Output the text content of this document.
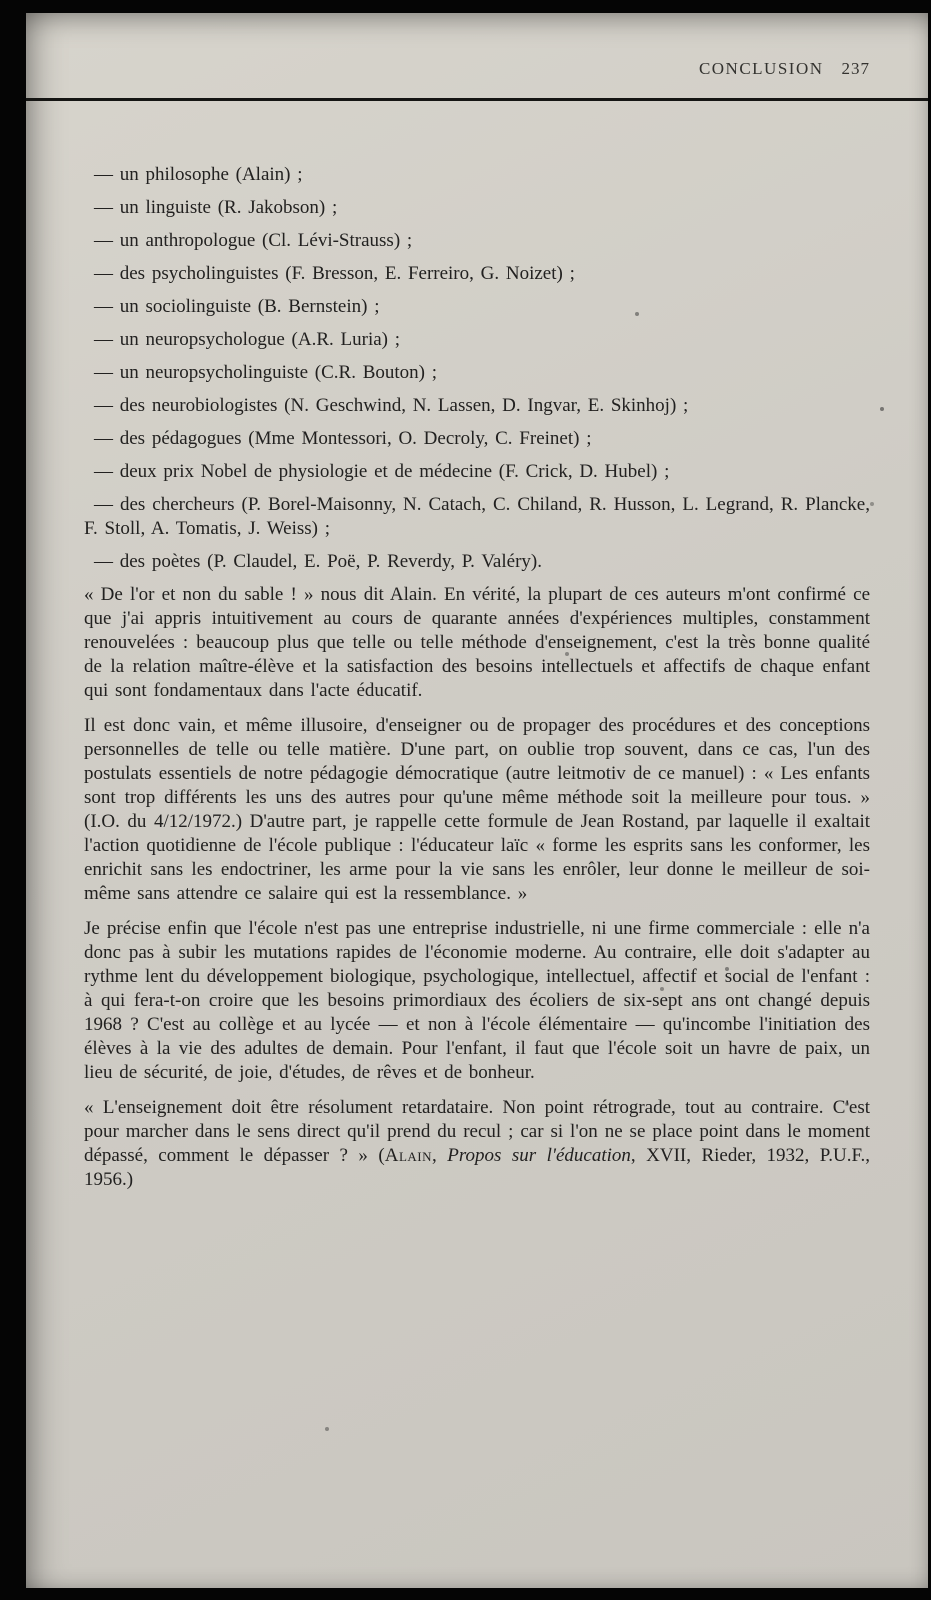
CONCLUSION 237
— un philosophe (Alain) ;
— un linguiste (R. Jakobson) ;
— un anthropologue (Cl. Lévi-Strauss) ;
— des psycholinguistes (F. Bresson, E. Ferreiro, G. Noizet) ;
— un sociolinguiste (B. Bernstein) ;
— un neuropsychologue (A.R. Luria) ;
— un neuropsycholinguiste (C.R. Bouton) ;
— des neurobiologistes (N. Geschwind, N. Lassen, D. Ingvar, E. Skinhoj) ;
— des pédagogues (Mme Montessori, O. Decroly, C. Freinet) ;
— deux prix Nobel de physiologie et de médecine (F. Crick, D. Hubel) ;
— des chercheurs (P. Borel-Maisonny, N. Catach, C. Chiland, R. Husson, L. Legrand, R. Plancke, F. Stoll, A. Tomatis, J. Weiss) ;
— des poètes (P. Claudel, E. Poë, P. Reverdy, P. Valéry).

« De l'or et non du sable ! » nous dit Alain. En vérité, la plupart de ces auteurs m'ont confirmé ce que j'ai appris intuitivement au cours de quarante années d'expériences multiples, constamment renouvelées : beaucoup plus que telle ou telle méthode d'enseignement, c'est la très bonne qualité de la relation maître-élève et la satisfaction des besoins intellectuels et affectifs de chaque enfant qui sont fondamentaux dans l'acte éducatif.

Il est donc vain, et même illusoire, d'enseigner ou de propager des procédures et des conceptions personnelles de telle ou telle matière. D'une part, on oublie trop souvent, dans ce cas, l'un des postulats essentiels de notre pédagogie démocratique (autre leitmotiv de ce manuel) : « Les enfants sont trop différents les uns des autres pour qu'une même méthode soit la meilleure pour tous. » (I.O. du 4/12/1972.) D'autre part, je rappelle cette formule de Jean Rostand, par laquelle il exaltait l'action quotidienne de l'école publique : l'éducateur laïc « forme les esprits sans les conformer, les enrichit sans les endoctriner, les arme pour la vie sans les enrôler, leur donne le meilleur de soi-même sans attendre ce salaire qui est la ressemblance. »

Je précise enfin que l'école n'est pas une entreprise industrielle, ni une firme commerciale : elle n'a donc pas à subir les mutations rapides de l'économie moderne. Au contraire, elle doit s'adapter au rythme lent du développement biologique, psychologique, intellectuel, affectif et social de l'enfant : à qui fera-t-on croire que les besoins primordiaux des écoliers de six-sept ans ont changé depuis 1968 ? C'est au collège et au lycée — et non à l'école élémentaire — qu'incombe l'initiation des élèves à la vie des adultes de demain. Pour l'enfant, il faut que l'école soit un havre de paix, un lieu de sécurité, de joie, d'études, de rêves et de bonheur.

« L'enseignement doit être résolument retardataire. Non point rétrograde, tout au contraire. C'est pour marcher dans le sens direct qu'il prend du recul ; car si l'on ne se place point dans le moment dépassé, comment le dépasser ? » (Alain, Propos sur l'éducation, XVII, Rieder, 1932, P.U.F., 1956.)
